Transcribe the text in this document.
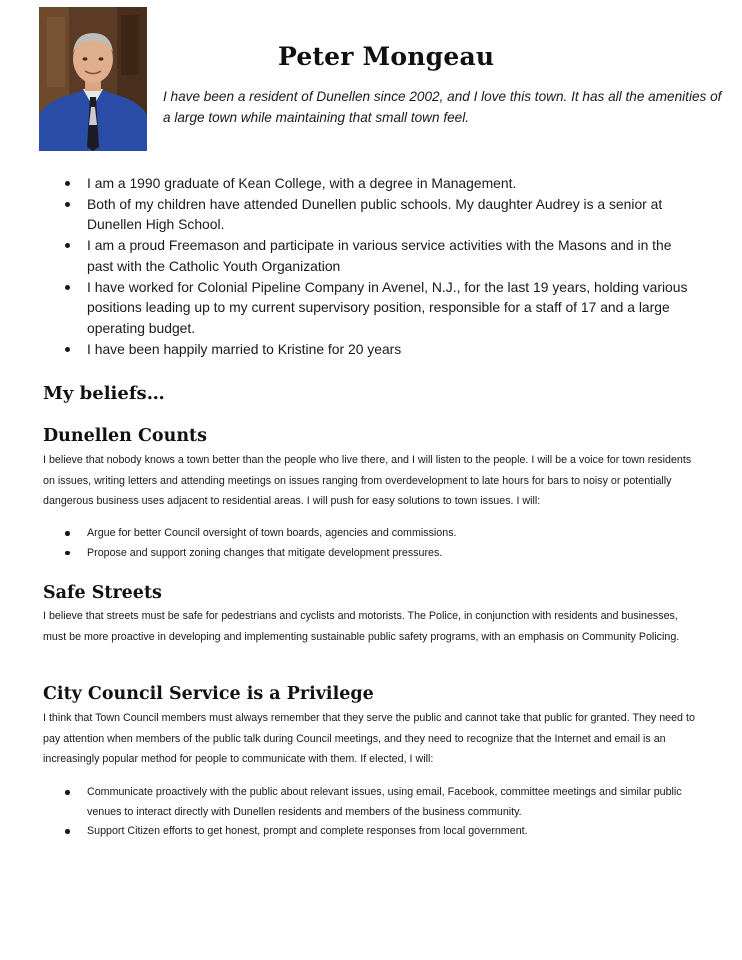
Peter Mongeau

I have been a resident of Dunellen since 2002, and I love this town. It has all the amenities of a large town while maintaining that small town feel.

I am a 1990 graduate of Kean College, with a degree in Management.
Both of my children have attended Dunellen public schools. My daughter Audrey is a senior at Dunellen High School.
I am a proud Freemason and participate in various service activities with the Masons and in the past with the Catholic Youth Organization
I have worked for Colonial Pipeline Company in Avenel, N.J., for the last 19 years, holding various positions leading up to my current supervisory position, responsible for a staff of 17 and a large operating budget.
I have been happily married to Kristine for 20 years
My beliefs…
Dunellen Counts

I believe that nobody knows a town better than the people who live there, and I will listen to the people. I will be a voice for town residents on issues, writing letters and attending meetings on issues ranging from overdevelopment to late hours for bars to noisy or potentially dangerous business uses adjacent to residential areas. I will push for easy solutions to town issues. I will:

Argue for better Council oversight of town boards, agencies and commissions.
Propose and support zoning changes that mitigate development pressures.
Safe Streets

I believe that streets must be safe for pedestrians and cyclists and motorists. The Police, in conjunction with residents and businesses, must be more proactive in developing and implementing sustainable public safety programs, with an emphasis on Community Policing.

City Council Service is a Privilege

I think that Town Council members must always remember that they serve the public and cannot take that public for granted. They need to pay attention when members of the public talk during Council meetings, and they need to recognize that the Internet and email is an increasingly popular method for people to communicate with them. If elected, I will:

Communicate proactively with the public about relevant issues, using email, Facebook, committee meetings and similar public venues to interact directly with Dunellen residents and members of the business community.
Support Citizen efforts to get honest, prompt and complete responses from local government.
